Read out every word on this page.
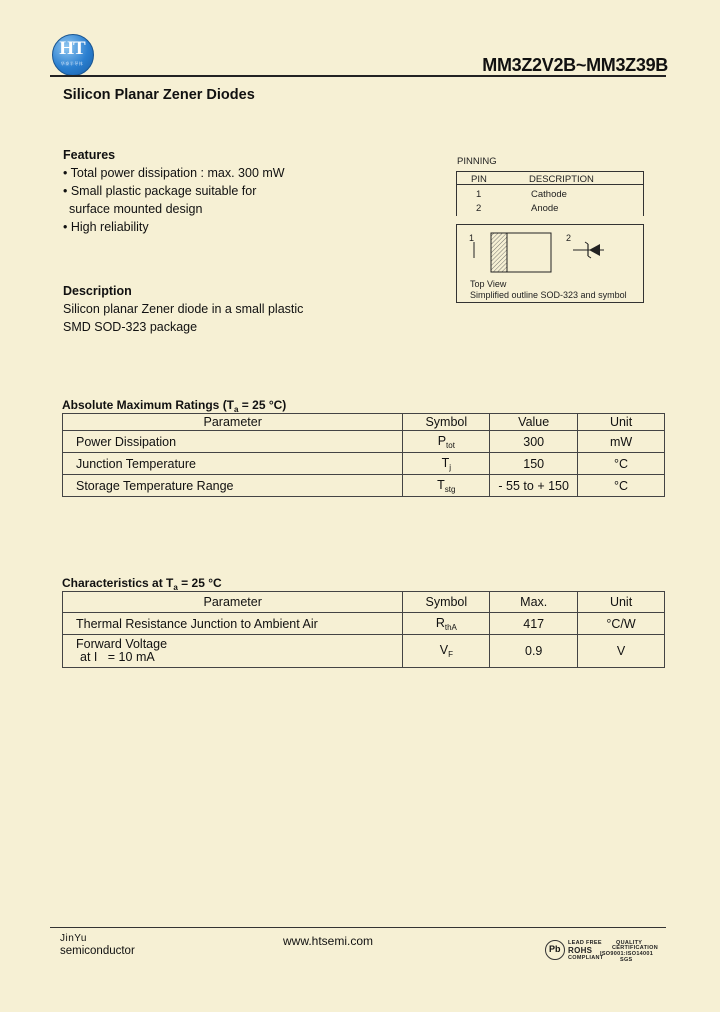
HT
华泰半导体	MM3Z2V2B~MM3Z39B
Silicon Planar Zener Diodes
Features
• Total power dissipation : max. 300 mW
• Small plastic package suitable for
surface mounted design
• High reliability
Description
Silicon planar Zener diode in a small plastic
SMD SOD-323 package
PINNING
PIN	DESCRIPTION
1	Cathode
2	Anode
1	2
Top View
Simplified outline SOD-323 and symbol
Absolute Maximum Ratings ($T_a = 25$ °C)
Parameter	Symbol	Value	Unit
Power Dissipation	$P_{tot}$	300	mW
Junction Temperature	$T_j$	150	°C
Storage Temperature Range	$T_{stg}$	- 55 to + 150	°C
Characteristics at $T_a = 25$ °C
Parameter	Symbol	Max.	Unit
Thermal Resistance Junction to Ambient Air	$R_{thA}$	417	°C/W

Forward Voltage
at I   = 10 mA	$V_F$	0.9	V
JinYu
semiconductor
www.htsemi.com
Pb
LEAD FREE
ROHS
COMPLIANT
QUALITY
CERTIFICATION
ISO9001:ISO14001
SGS
